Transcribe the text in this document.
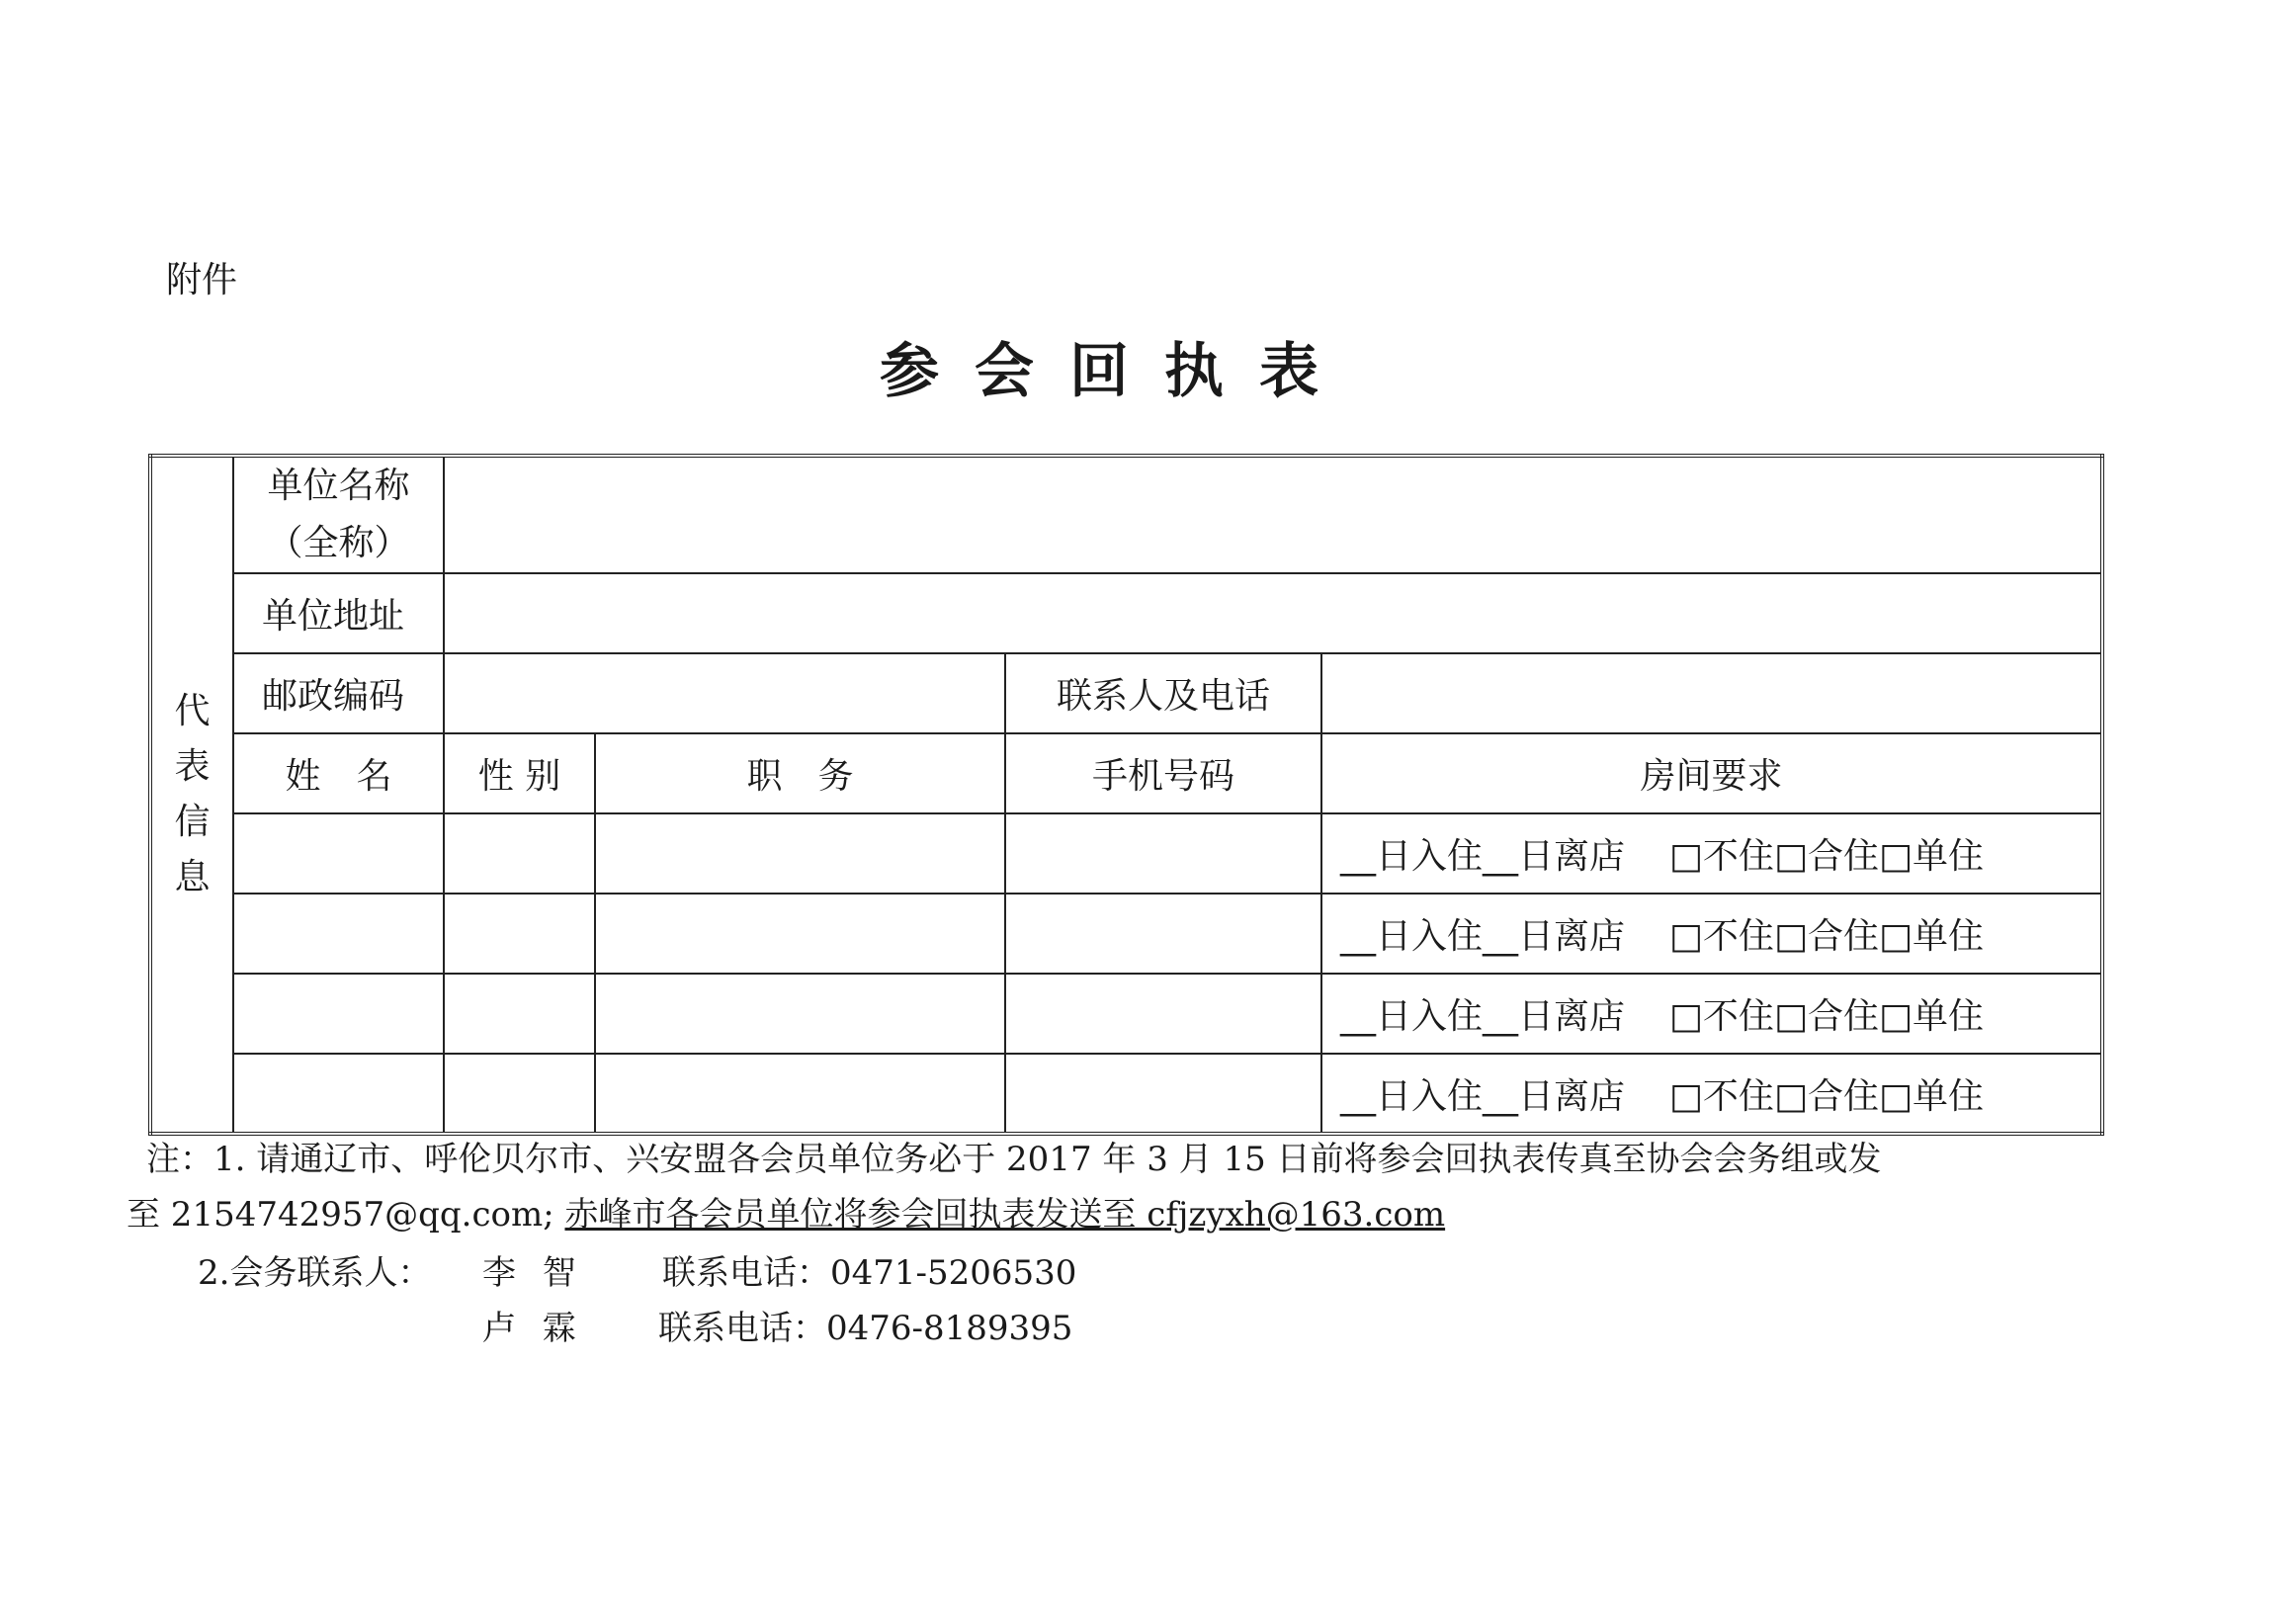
附件
参会回执表
代表信息	单位名称
（全称）				

	单位地址				
	邮政编码			联系人及电话	
	姓　名	性 别	职　务	手机号码	房间要求
					__日入住__日离店 □不住□合住□单住
					__日入住__日离店 □不住□合住□单住
					__日入住__日离店 □不住□合住□单住
					__日入住__日离店 □不住□合住□单住
注：1. 请通辽市、呼伦贝尔市、兴安盟各会员单位务必于 2017 年 3 月 15 日前将参会回执表传真至协会会务组或发
至 2154742957@qq.com; 赤峰市各会员单位将参会回执表发送至 cfjzyxh@163.com
2.会务联系人： 李 智 联系电话：0471-5206530
卢 霖 联系电话：0476-8189395
